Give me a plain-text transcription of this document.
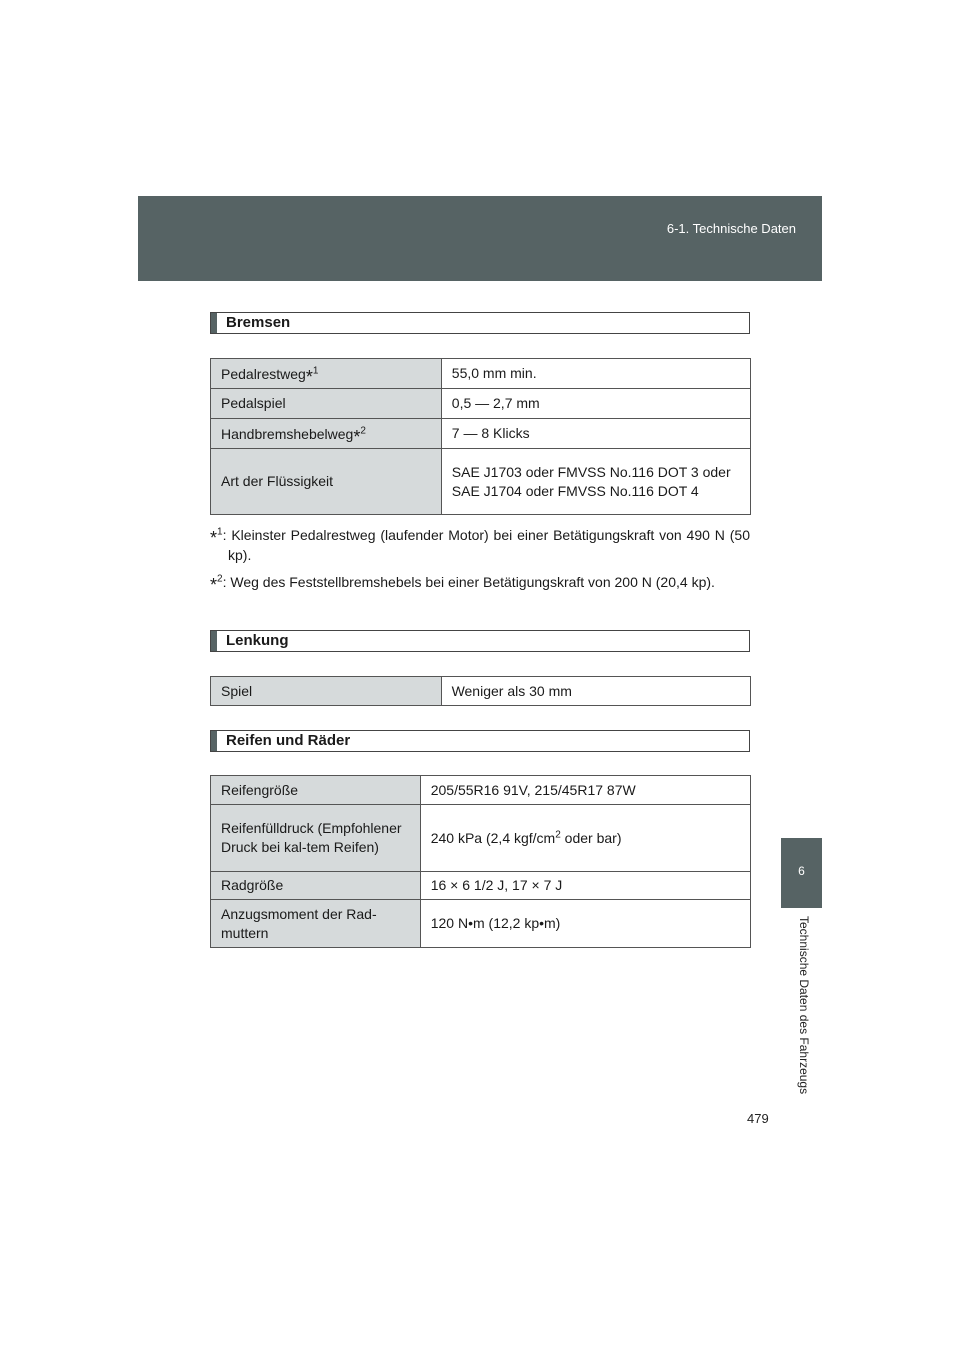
6-1. Technische Daten
6
Technische Daten des Fahrzeugs
Bremsen
Pedalrestweg*$^1$	55,0 mm min.
Pedalspiel	0,5 — 2,7 mm
Handbremshebelweg*$^2$	7 — 8 Klicks
Art der Flüssigkeit	SAE J1703 oder FMVSS No.116 DOT 3 oder SAE J1704 oder FMVSS No.116 DOT 4
*$^1$: Kleinster Pedalrestweg (laufender Motor) bei einer Betätigungskraft von 490 N (50 kp).
*$^2$: Weg des Feststellbremshebels bei einer Betätigungskraft von 200 N (20,4 kp).
Lenkung
Spiel	Weniger als 30 mm
Reifen und Räder
Reifengröße	205/55R16 91V, 215/45R17 87W
Reifenfülldruck (Empfohlener Druck bei kal-tem Reifen)	240 kPa (2,4 kgf/$cm^2$ oder bar)
Radgröße	16 × 6 1/2 J, 17 × 7 J
Anzugsmoment der Rad-muttern	120 N•m (12,2 kp•m)
479
